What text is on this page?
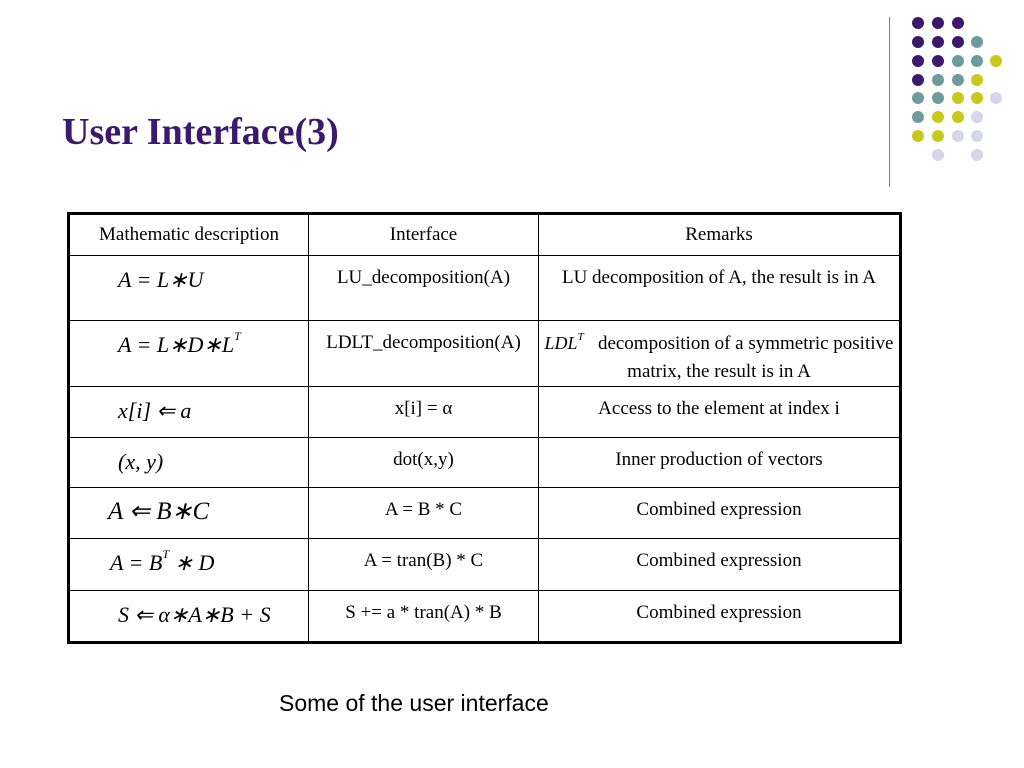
User Interface(3)
Mathematic description	Interface	Remarks
A = L∗U	LU_decomposition(A)	LU decomposition of A, the result is in A
$A = L∗D∗L^T$	LDLT_decomposition(A)	$LDL^T$ decomposition of a symmetric positive matrix, the result is in A
x[i] ⇐ a	x[i] = α	Access to the element at index i
(x, y)	dot(x,y)	Inner production of vectors
A ⇐ B∗C	A = B * C	Combined expression
$A = B^T$ ∗ D	A = tran(B) * C	Combined expression
S ⇐ α∗A∗B + S	S += a * tran(A) * B	Combined expression
Some of the user interface
